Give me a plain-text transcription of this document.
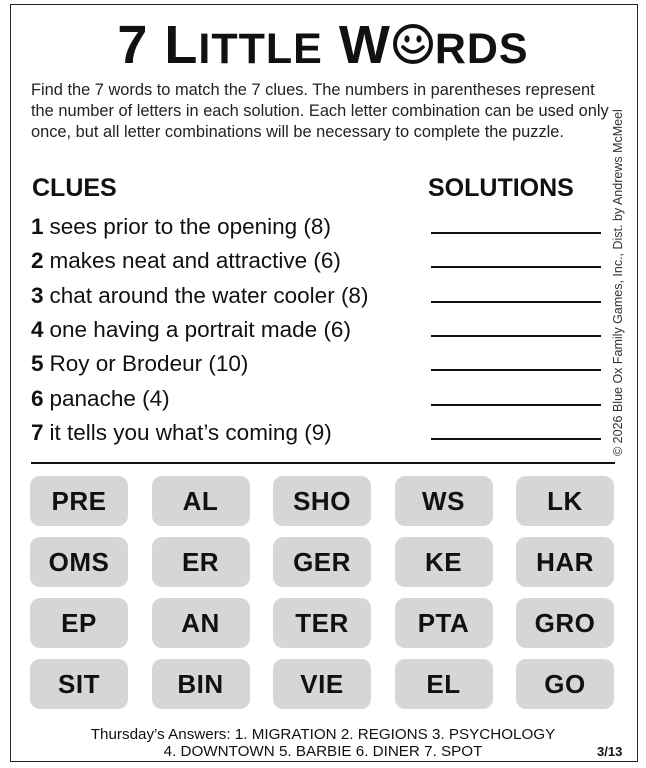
7 L ITTLE W RDS
Find the 7 words to match the 7 clues. The numbers in parentheses represent the number of letters in each solution. Each letter combination can be used only once, but all letter combinations will be necessary to complete the puzzle.	© 2026 Blue Ox Family Games, Inc., Dist. by Andrews McMeel
CLUES	SOLUTIONS
1 sees prior to the opening (8)
2 makes neat and attractive (6)
3 chat around the water cooler (8)
4 one having a portrait made (6)
5 Roy or Brodeur (10)
6 panache (4)
7 it tells you what’s coming (9)
PRE	AL	SHO	WS	LK
OMS	ER	GER	KE	HAR
EP	AN	TER	PTA	GRO
SIT	BIN	VIE	EL	GO
Thursday’s Answers: 1. MIGRATION 2. REGIONS 3. PSYCHOLOGY
4. DOWNTOWN 5. BARBIE 6. DINER 7. SPOT	3/13
